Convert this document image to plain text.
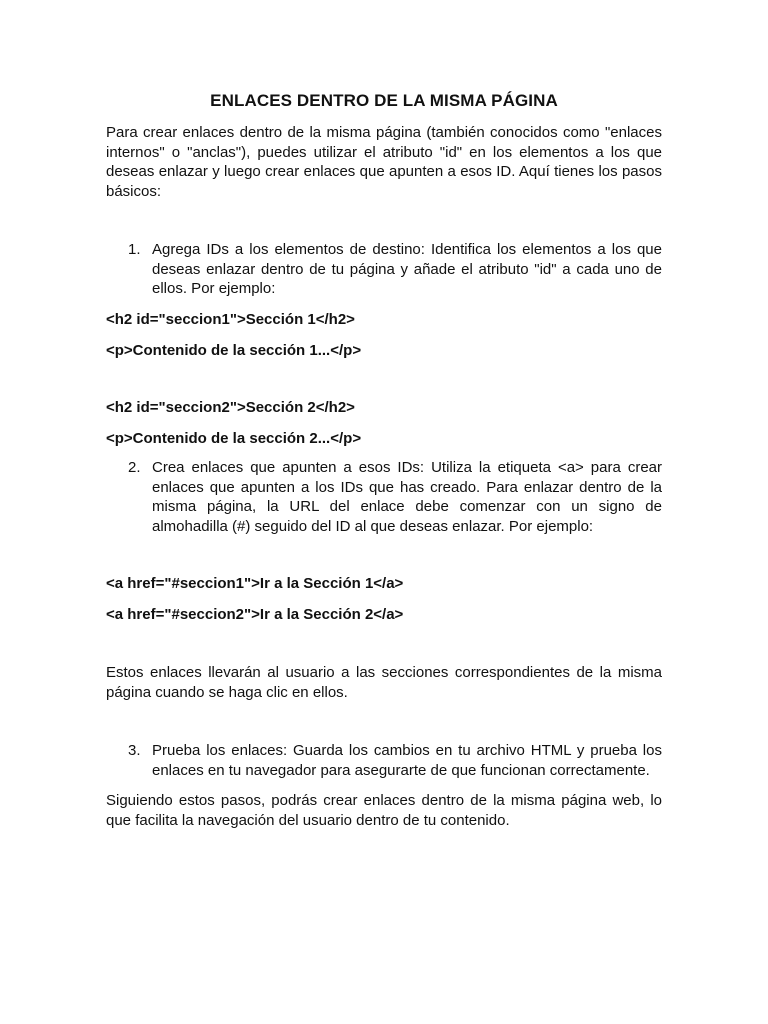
ENLACES DENTRO DE LA MISMA PÁGINA
Para crear enlaces dentro de la misma página (también conocidos como "enlaces internos" o "anclas"), puedes utilizar el atributo "id" en los elementos a los que deseas enlazar y luego crear enlaces que apunten a esos ID. Aquí tienes los pasos básicos:
1. Agrega IDs a los elementos de destino: Identifica los elementos a los que deseas enlazar dentro de tu página y añade el atributo "id" a cada uno de ellos. Por ejemplo:
<h2 id="seccion1">Sección 1</h2>
<p>Contenido de la sección 1...</p>
<h2 id="seccion2">Sección 2</h2>
<p>Contenido de la sección 2...</p>
2. Crea enlaces que apunten a esos IDs: Utiliza la etiqueta <a> para crear enlaces que apunten a los IDs que has creado. Para enlazar dentro de la misma página, la URL del enlace debe comenzar con un signo de almohadilla (#) seguido del ID al que deseas enlazar. Por ejemplo:
<a href="#seccion1">Ir a la Sección 1</a>
<a href="#seccion2">Ir a la Sección 2</a>
Estos enlaces llevarán al usuario a las secciones correspondientes de la misma página cuando se haga clic en ellos.
3. Prueba los enlaces: Guarda los cambios en tu archivo HTML y prueba los enlaces en tu navegador para asegurarte de que funcionan correctamente.
Siguiendo estos pasos, podrás crear enlaces dentro de la misma página web, lo que facilita la navegación del usuario dentro de tu contenido.
